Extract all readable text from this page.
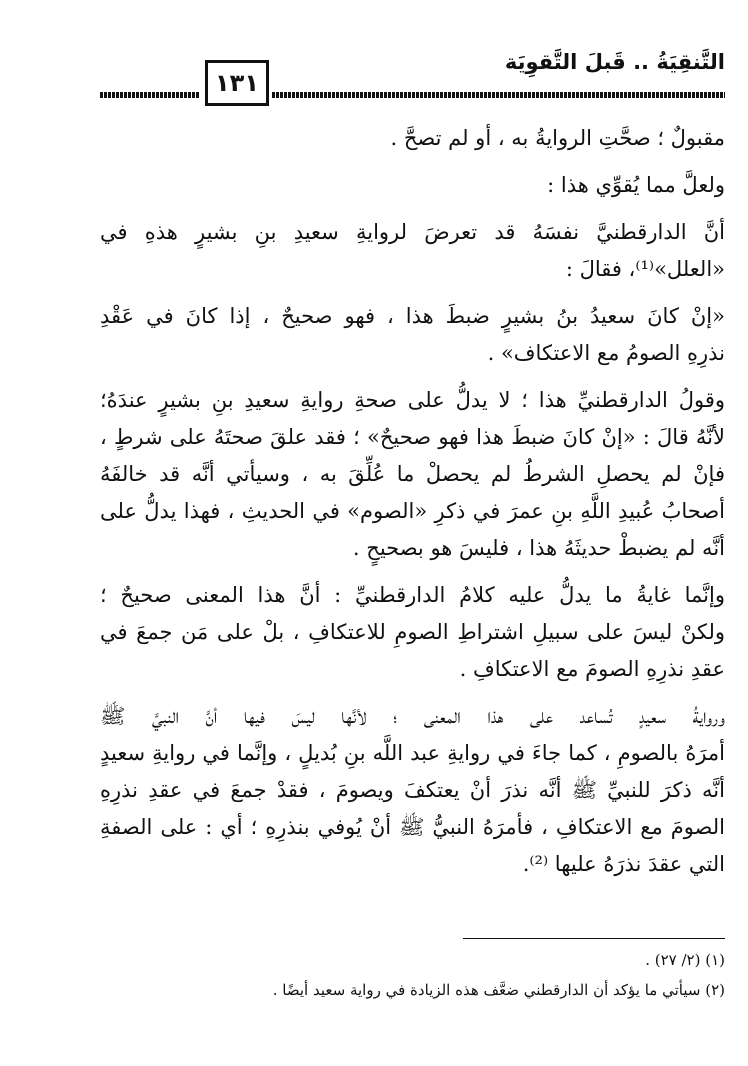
التَّنقِيَةُ .. قَبلَ التَّقوِيَة
١٣١
مقبولٌ ؛ صحَّتِ الروايةُ به ، أو لم تصحَّ .
ولعلَّ مما يُقوِّي هذا :
أنَّ الدارقطنيَّ نفسَهُ قد تعرضَ لروايةِ سعيدِ بنِ بشيرٍ هذهِ في
«العلل»⁽¹⁾، فقالَ :
«إنْ كانَ سعيدُ بنُ بشيرٍ ضبطَ هذا ، فهو صحيحٌ ، إذا كانَ في عَقْدِ
نذرِهِ الصومُ مع الاعتكاف» .
وقولُ الدارقطنيِّ هذا ؛ لا يدلُّ على صحةِ روايةِ سعيدِ بنِ بشيرٍ عندَهُ؛
لأنَّهُ قالَ : «إنْ كانَ ضبطَ هذا فهو صحيحٌ» ؛ فقد علقَ صحتَهُ على شرطٍ ،
فإنْ لم يحصلِ الشرطُ لم يحصلْ ما عُلِّقَ به ، وسيأتي أنَّه قد خالفَهُ
أصحابُ عُبيدِ اللَّهِ بنِ عمرَ في ذكرِ «الصوم» في الحديثِ ، فهذا يدلُّ على
أنَّه لم يضبطْ حديثَهُ هذا ، فليسَ هو بصحيحٍ .
وإنَّما غايةُ ما يدلُّ عليه كلامُ الدارقطنيِّ : أنَّ هذا المعنى صحيحٌ ؛
ولكنْ ليسَ على سبيلِ اشتراطِ الصومِ للاعتكافِ ، بلْ على مَن جمعَ في
عقدِ نذرِهِ الصومَ مع الاعتكافِ .
وروايةُ سعيدٍ تُساعد على هذا المعنى ؛ لأنَّها ليسَ فيها أنَّ النبيَّ ﷺ
أمرَهُ بالصومِ ، كما جاءَ في روايةِ عبد اللَّه بنِ بُديلٍ ، وإنَّما في روايةِ سعيدٍ
أنَّه ذكرَ للنبيِّ ﷺ أنَّه نذرَ أنْ يعتكفَ ويصومَ ، فقدْ جمعَ في عقدِ نذرِهِ
الصومَ مع الاعتكافِ ، فأمرَهُ النبيُّ ﷺ أنْ يُوفي بنذرِهِ ؛ أي : على الصفةِ
التي عقدَ نذرَهُ عليها ⁽²⁾.
(١) (٢/ ٢٧) .
(٢) سيأتي ما يؤكد أن الدارقطني ضعَّف هذه الزيادة في رواية سعيد أيضًا .
